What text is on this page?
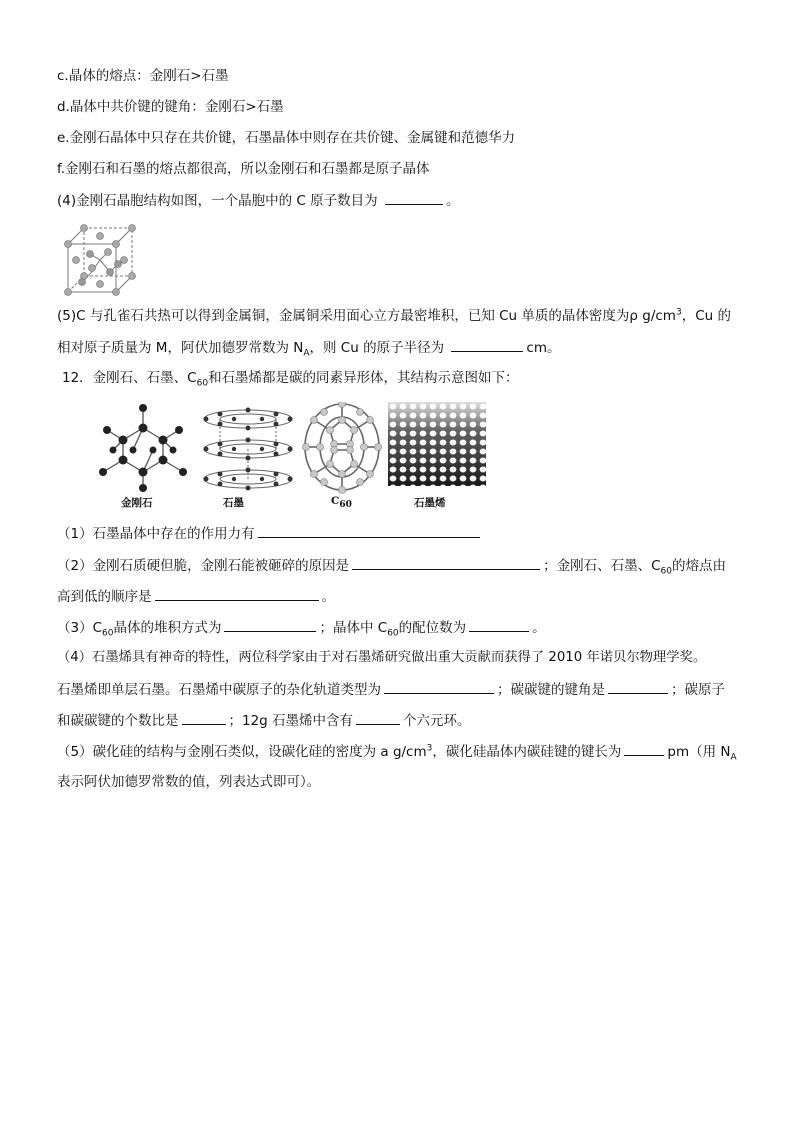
c.晶体的熔点：金刚石>石墨
d.晶体中共价键的键角：金刚石>石墨
e.金刚石晶体中只存在共价键，石墨晶体中则存在共价键、金属键和范德华力
f.金刚石和石墨的熔点都很高，所以金刚石和石墨都是原子晶体
(4)金刚石晶胞结构如图，一个晶胞中的 C 原子数目为	。
(5)C 与孔雀石共热可以得到金属铜，金属铜采用面心立方最密堆积，已知 Cu 单质的晶体密度为ρ $g/cm^3$，Cu 的
相对原子质量为 M，阿伏加德罗常数为 $N_A$，则 Cu 的原子半径为	cm。
12．金刚石、石墨、$C_{60}$和石墨烯都是碳的同素异形体，其结构示意图如下：
金刚石	石墨	$C_{60}$	石墨烯
（1）石墨晶体中存在的作用力有
（2）金刚石质硬但脆，金刚石能被砸碎的原因是	；金刚石、石墨、$C_{60}$的熔点由
高到低的顺序是	。
$(3)C_{60}$晶体的堆积方式为	；晶体中 $C_{60}$的配位数为	。
（4）石墨烯具有神奇的特性，两位科学家由于对石墨烯研究做出重大贡献而获得了 2010 年诺贝尔物理学奖。
石墨烯即单层石墨。石墨烯中碳原子的杂化轨道类型为	；碳碳键的键角是	；碳原子
和碳碳键的个数比是	；12g 石墨烯中含有	个六元环。
（5）碳化硅的结构与金刚石类似，设碳化硅的密度为 a $g/cm^3$，碳化硅晶体内碳硅键的键长为	pm（用 $N_A$
表示阿伏加德罗常数的值，列表达式即可）。
